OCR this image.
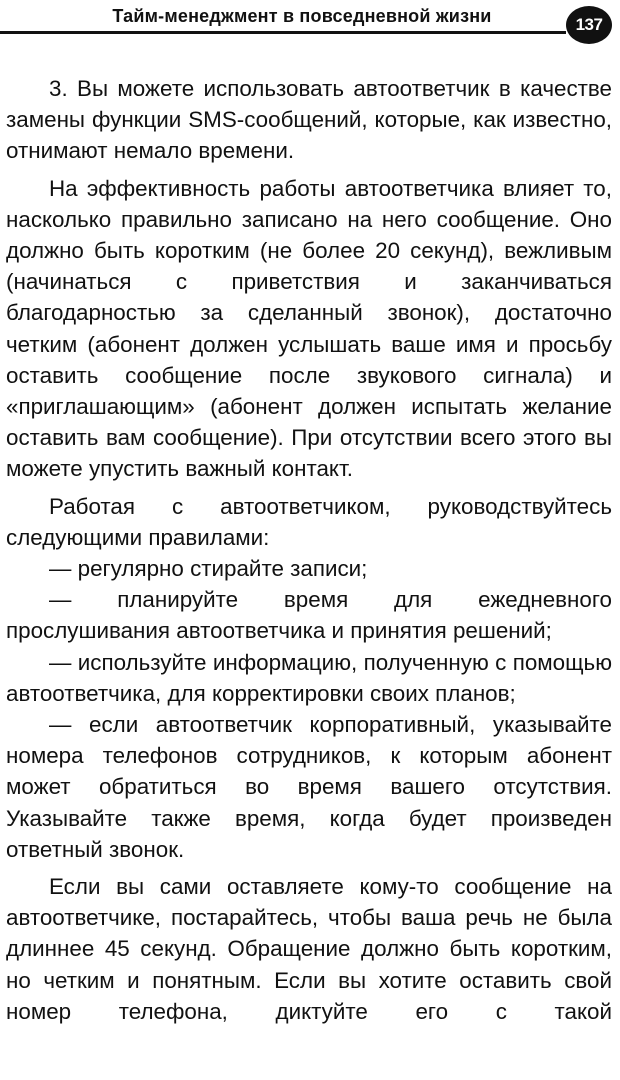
Тайм-менеджмент в повседневной жизни	137

3. Вы можете использовать автоответчик в качестве замены функции SMS-сообщений, которые, как известно, отнимают немало времени.

На эффективность работы автоответчика влияет то, насколько правильно записано на него сообщение. Оно должно быть коротким (не более 20 секунд), вежливым (начинаться с приветствия и заканчиваться благодарностью за сделанный звонок), достаточно четким (абонент должен услышать ваше имя и просьбу оставить сообщение после звукового сигнала) и «приглашающим» (абонент должен испытать желание оставить вам сообщение). При отсутствии всего этого вы можете упустить важный контакт.

Работая с автоответчиком, руководствуйтесь следующими правилами:

— регулярно стирайте записи;

— планируйте время для ежедневного прослушивания автоответчика и принятия решений;

— используйте информацию, полученную с помощью автоответчика, для корректировки своих планов;

— если автоответчик корпоративный, указывайте номера телефонов сотрудников, к которым абонент может обратиться во время вашего отсутствия. Указывайте также время, когда будет произведен ответный звонок.

Если вы сами оставляете кому-то сообщение на автоответчике, постарайтесь, чтобы ваша речь не была длиннее 45 секунд. Обращение должно быть коротким, но четким и понятным. Если вы хотите оставить свой номер телефона, диктуйте его с такой
